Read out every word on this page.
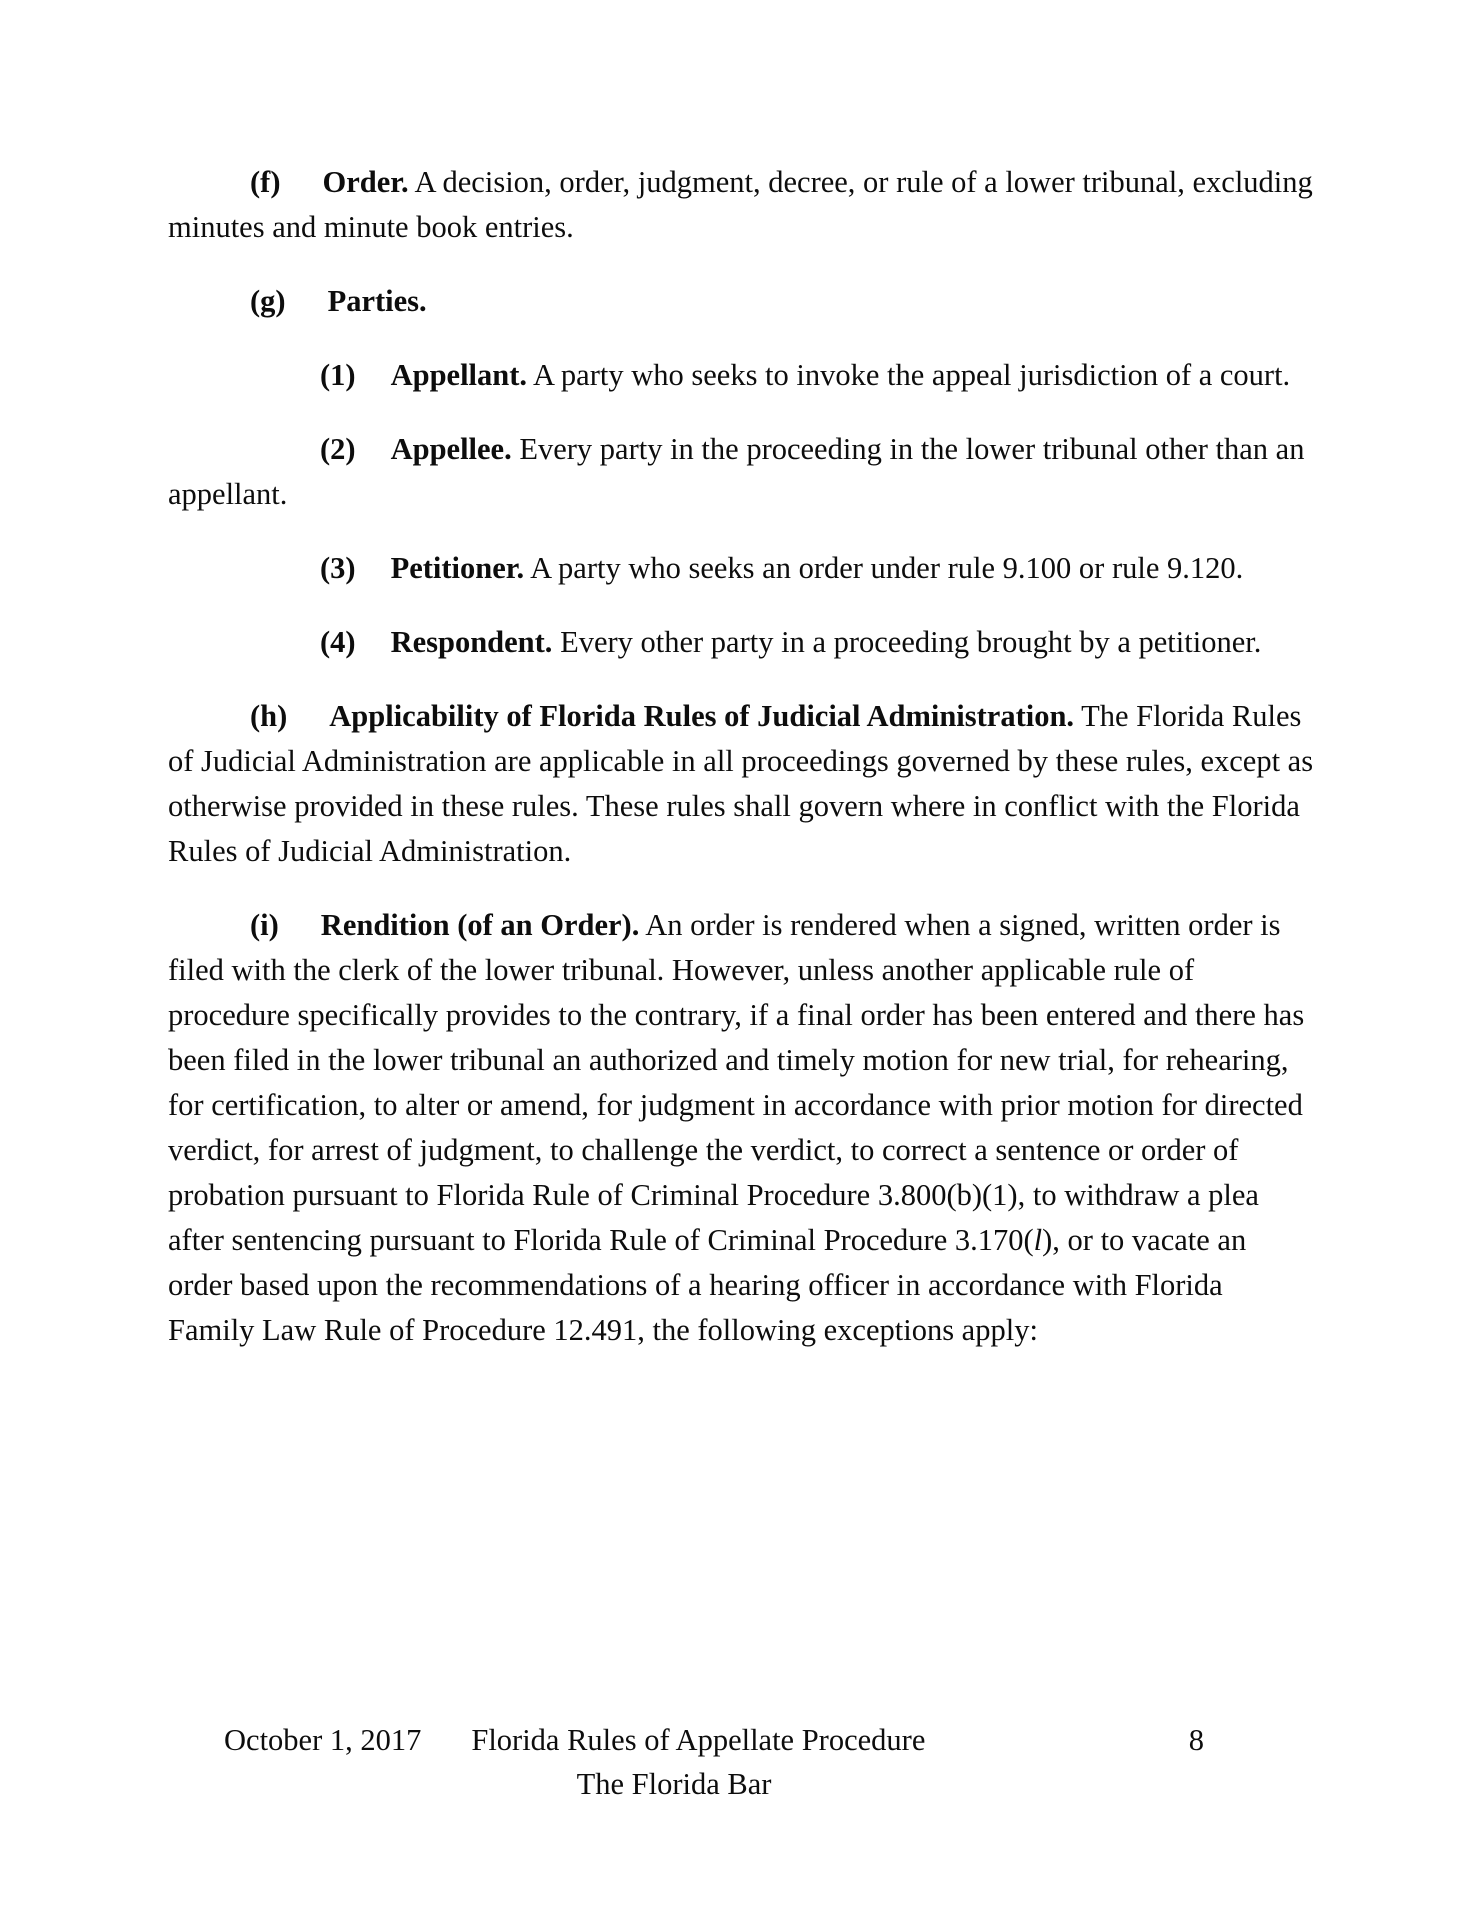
(f) Order. A decision, order, judgment, decree, or rule of a lower tribunal, excluding minutes and minute book entries.

(g) Parties.

(1) Appellant. A party who seeks to invoke the appeal jurisdiction of a court.

(2) Appellee. Every party in the proceeding in the lower tribunal other than an appellant.

(3) Petitioner. A party who seeks an order under rule 9.100 or rule 9.120.

(4) Respondent. Every other party in a proceeding brought by a petitioner.

(h) Applicability of Florida Rules of Judicial Administration. The Florida Rules of Judicial Administration are applicable in all proceedings governed by these rules, except as otherwise provided in these rules. These rules shall govern where in conflict with the Florida Rules of Judicial Administration.

(i) Rendition (of an Order). An order is rendered when a signed, written order is filed with the clerk of the lower tribunal. However, unless another applicable rule of procedure specifically provides to the contrary, if a final order has been entered and there has been filed in the lower tribunal an authorized and timely motion for new trial, for rehearing, for certification, to alter or amend, for judgment in accordance with prior motion for directed verdict, for arrest of judgment, to challenge the verdict, to correct a sentence or order of probation pursuant to Florida Rule of Criminal Procedure 3.800(b)(1), to withdraw a plea after sentencing pursuant to Florida Rule of Criminal Procedure 3.170(l), or to vacate an order based upon the recommendations of a hearing officer in accordance with Florida Family Law Rule of Procedure 12.491, the following exceptions apply:

October 1, 2017 Florida Rules of Appellate Procedure	8
The Florida Bar
